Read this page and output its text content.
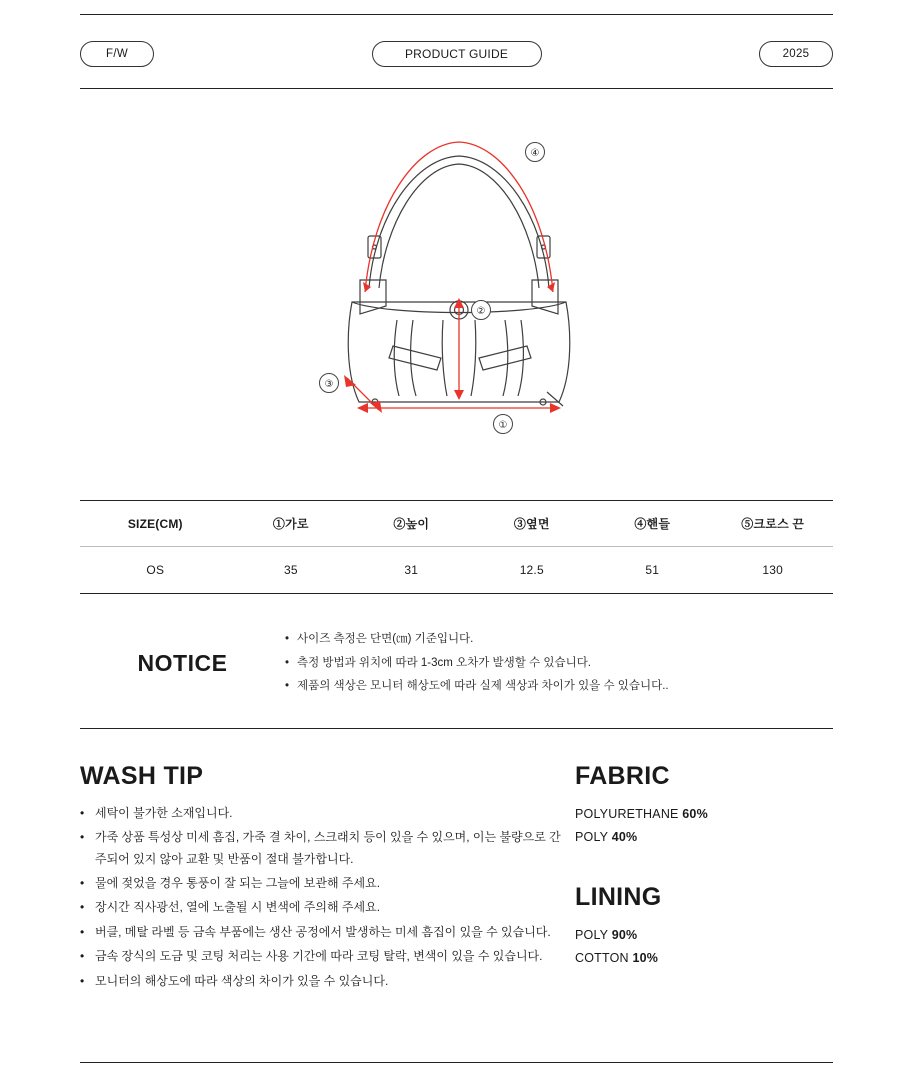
F/W	PRODUCT GUIDE	2025
④
②
③
①
SIZE(CM)	①가로	②높이	③옆면	④핸들	⑤크로스 끈
OS	35	31	12.5	51	130
NOTICE
• 사이즈 측정은 단면(㎝) 기준입니다.
• 측정 방법과 위치에 따라 1-3cm 오차가 발생할 수 있습니다.
• 제품의 색상은 모니터 해상도에 따라 실제 색상과 차이가 있을 수 있습니다..
WASH TIP
• 세탁이 불가한 소재입니다.
• 가죽 상품 특성상 미세 흠집, 가죽 결 차이, 스크래치 등이 있을 수 있으며, 이는 불량으로 간주되어 있지 않아 교환 및 반품이 절대 불가합니다.
• 물에 젖었을 경우 통풍이 잘 되는 그늘에 보관해 주세요.
• 장시간 직사광선, 열에 노출될 시 변색에 주의해 주세요.
• 버클, 메탈 라벨 등 금속 부품에는 생산 공정에서 발생하는 미세 흠집이 있을 수 있습니다.
• 금속 장식의 도금 및 코팅 처리는 사용 기간에 따라 코팅 탈락, 변색이 있을 수 있습니다.
• 모니터의 해상도에 따라 색상의 차이가 있을 수 있습니다.
FABRIC
POLYURETHANE 60%
POLY 40%
LINING
POLY 90%
COTTON 10%
